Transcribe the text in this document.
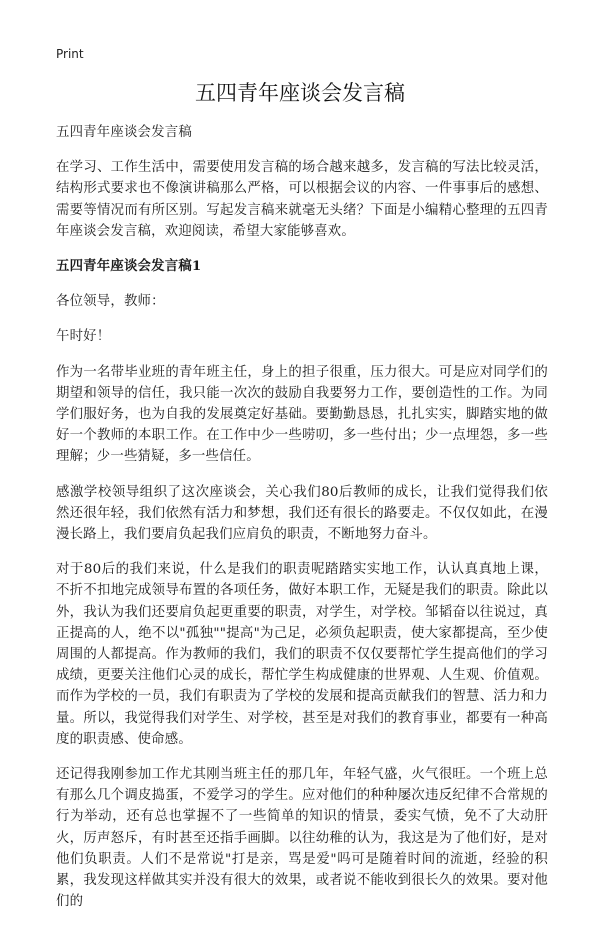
Print
五四青年座谈会发言稿

五四青年座谈会发言稿

在学习、工作生活中，需要使用发言稿的场合越来越多，发言稿的写法比较灵活，结构形式要求也不像演讲稿那么严格，可以根据会议的内容、一件事事后的感想、需要等情况而有所区别。写起发言稿来就毫无头绪？下面是小编精心整理的五四青年座谈会发言稿，欢迎阅读，希望大家能够喜欢。

五四青年座谈会发言稿1

各位领导，教师：

午时好！

作为一名带毕业班的青年班主任，身上的担子很重，压力很大。可是应对同学们的期望和领导的信任，我只能一次次的鼓励自我要努力工作，要创造性的工作。为同学们服好务，也为自我的发展奠定好基础。要勤勤恳恳，扎扎实实，脚踏实地的做好一个教师的本职工作。在工作中少一些唠叨，多一些付出；少一点埋怨，多一些理解；少一些猜疑，多一些信任。

感激学校领导组织了这次座谈会，关心我们80后教师的成长，让我们觉得我们依然还很年轻，我们依然有活力和梦想，我们还有很长的路要走。不仅仅如此，在漫漫长路上，我们要肩负起我们应肩负的职责，不断地努力奋斗。

对于80后的我们来说，什么是我们的职责呢踏踏实实地工作，认认真真地上课，不折不扣地完成领导布置的各项任务，做好本职工作，无疑是我们的职责。除此以外，我认为我们还要肩负起更重要的职责，对学生，对学校。邹韬奋以往说过，真正提高的人，绝不以"孤独""提高"为己足，必须负起职责，使大家都提高，至少使周围的人都提高。作为教师的我们，我们的职责不仅仅要帮忙学生提高他们的学习成绩，更要关注他们心灵的成长，帮忙学生构成健康的世界观、人生观、价值观。而作为学校的一员，我们有职责为了学校的发展和提高贡献我们的智慧、活力和力量。所以，我觉得我们对学生、对学校，甚至是对我们的教育事业，都要有一种高度的职责感、使命感。

还记得我刚参加工作尤其刚当班主任的那几年，年轻气盛，火气很旺。一个班上总有那么几个调皮捣蛋，不爱学习的学生。应对他们的种种屡次违反纪律不合常规的行为举动，还有总也掌握不了一些简单的知识的情景，委实气愤，免不了大动肝火，厉声怒斥，有时甚至还指手画脚。以往幼稚的认为，我这是为了他们好，是对他们负职责。人们不是常说"打是亲，骂是爱"吗可是随着时间的流逝，经验的积累，我发现这样做其实并没有很大的效果，或者说不能收到很长久的效果。要对他们的
